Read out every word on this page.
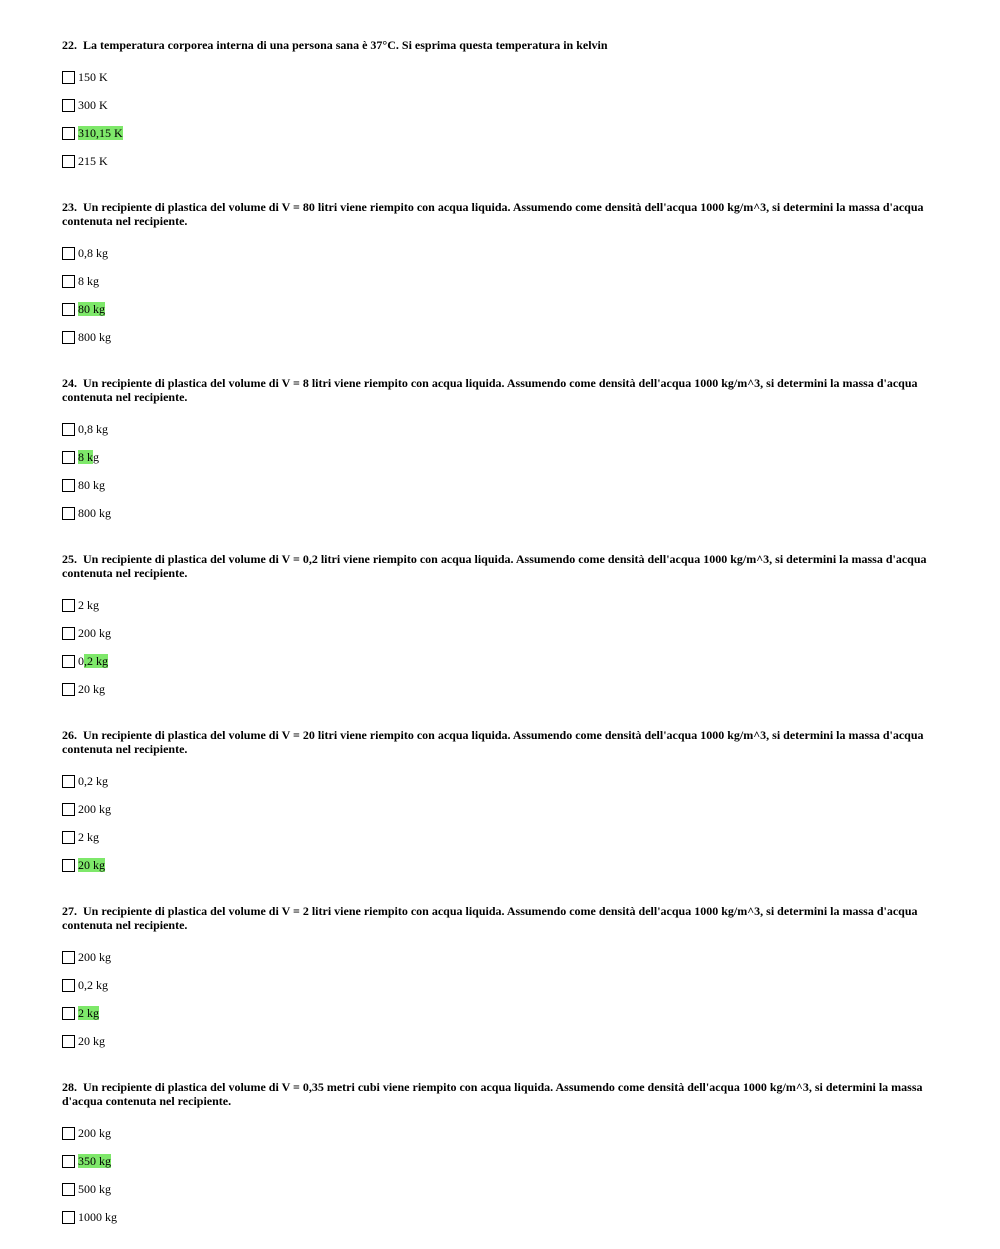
22. La temperatura corporea interna di una persona sana è 37°C. Si esprima questa temperatura in kelvin
150 K
300 K
310,15 K
215 K
23. Un recipiente di plastica del volume di V = 80 litri viene riempito con acqua liquida. Assumendo come densità dell'acqua 1000 kg/m^3, si determini la massa d'acqua contenuta nel recipiente.
0,8 kg
8 kg
80 kg
800 kg
24. Un recipiente di plastica del volume di V = 8 litri viene riempito con acqua liquida. Assumendo come densità dell'acqua 1000 kg/m^3, si determini la massa d'acqua contenuta nel recipiente.
0,8 kg
8 kg
80 kg
800 kg
25. Un recipiente di plastica del volume di V = 0,2 litri viene riempito con acqua liquida. Assumendo come densità dell'acqua 1000 kg/m^3, si determini la massa d'acqua contenuta nel recipiente.
2 kg
200 kg
0,2 kg
20 kg
26. Un recipiente di plastica del volume di V = 20 litri viene riempito con acqua liquida. Assumendo come densità dell'acqua 1000 kg/m^3, si determini la massa d'acqua contenuta nel recipiente.
0,2 kg
200 kg
2 kg
20 kg
27. Un recipiente di plastica del volume di V = 2 litri viene riempito con acqua liquida. Assumendo come densità dell'acqua 1000 kg/m^3, si determini la massa d'acqua contenuta nel recipiente.
200 kg
0,2 kg
2 kg
20 kg
28. Un recipiente di plastica del volume di V = 0,35 metri cubi viene riempito con acqua liquida. Assumendo come densità dell'acqua 1000 kg/m^3, si determini la massa d'acqua contenuta nel recipiente.
200 kg
350 kg
500 kg
1000 kg
